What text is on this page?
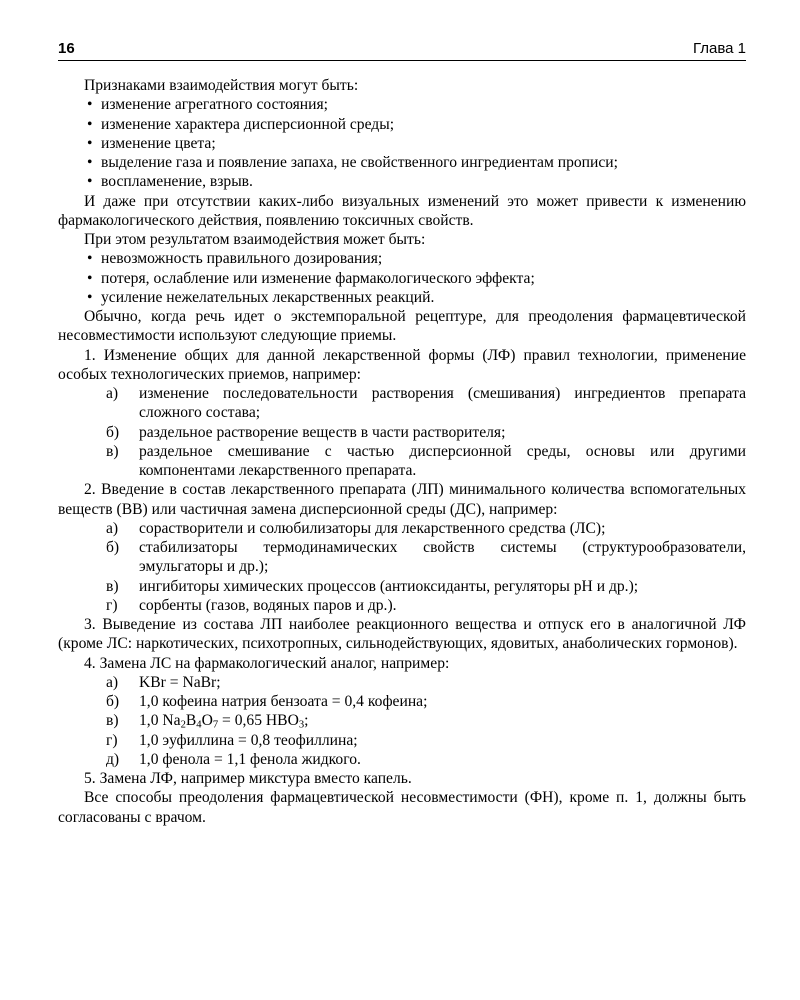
16	Глава 1

Признаками взаимодействия могут быть:

• изменение агрегатного состояния;

• изменение характера дисперсионной среды;

• изменение цвета;

• выделение газа и появление запаха, не свойственного ингредиентам прописи;

• воспламенение, взрыв.

И даже при отсутствии каких-либо визуальных изменений это может привести к изменению фармакологического действия, появлению токсичных свойств.

При этом результатом взаимодействия может быть:

• невозможность правильного дозирования;

• потеря, ослабление или изменение фармакологического эффекта;

• усиление нежелательных лекарственных реакций.

Обычно, когда речь идет о экстемпоральной рецептуре, для преодоления фармацевтической несовместимости используют следующие приемы.

1. Изменение общих для данной лекарственной формы (ЛФ) правил технологии, применение особых технологических приемов, например:

а) изменение последовательности растворения (смешивания) ингредиентов препарата сложного состава;

б) раздельное растворение веществ в части растворителя;

в) раздельное смешивание с частью дисперсионной среды, основы или другими компонентами лекарственного препарата.

2. Введение в состав лекарственного препарата (ЛП) минимального количества вспомогательных веществ (ВВ) или частичная замена дисперсионной среды (ДС), например:

а) сорастворители и солюбилизаторы для лекарственного средства (ЛС);

б) стабилизаторы термодинамических свойств системы (структурообразователи, эмульгаторы и др.);

в) ингибиторы химических процессов (антиоксиданты, регуляторы pH и др.);

г) сорбенты (газов, водяных паров и др.).

3. Выведение из состава ЛП наиболее реакционного вещества и отпуск его в аналогичной ЛФ (кроме ЛС: наркотических, психотропных, сильнодействующих, ядовитых, анаболических гормонов).

4. Замена ЛС на фармакологический аналог, например:

а) KBr = NaBr;

б) 1,0 кофеина натрия бензоата = 0,4 кофеина;

в) 1,0 $Na_2B_4O_7 = 0,65$ $HBO_3$;

г) 1,0 эуфиллина = 0,8 теофиллина;

д) 1,0 фенола = 1,1 фенола жидкого.

5. Замена ЛФ, например микстура вместо капель.

Все способы преодоления фармацевтической несовместимости (ФН), кроме п. 1, должны быть согласованы с врачом.
